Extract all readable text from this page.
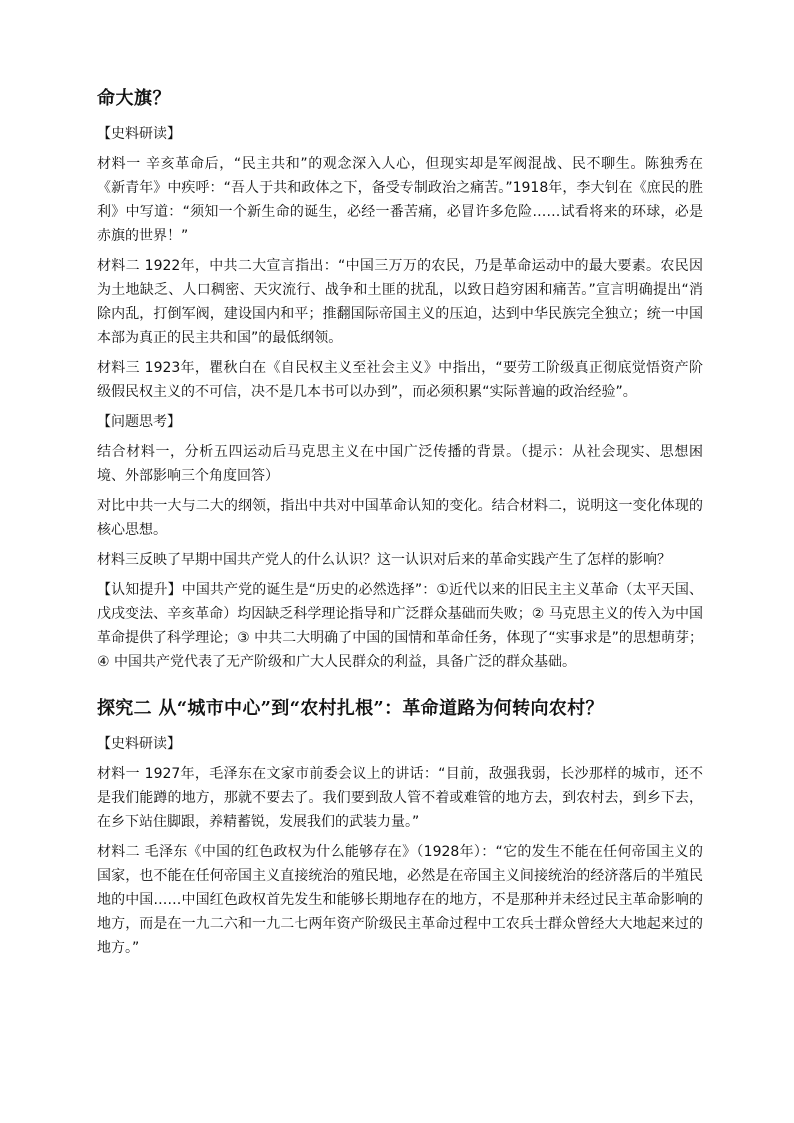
命大旗？
【史料研读】
材料一 辛亥革命后，“民主共和”的观念深入人心，但现实却是军阀混战、民不聊生。陈独秀在《新青年》中疾呼：“吾人于共和政体之下，备受专制政治之痛苦。”1918年，李大钊在《庶民的胜利》中写道：“须知一个新生命的诞生，必经一番苦痛，必冒许多危险……试看将来的环球，必是赤旗的世界！”
材料二 1922年，中共二大宣言指出：“中国三万万的农民，乃是革命运动中的最大要素。农民因为土地缺乏、人口稠密、天灾流行、战争和土匪的扰乱，以致日趋穷困和痛苦。”宣言明确提出“消除内乱，打倒军阀，建设国内和平；推翻国际帝国主义的压迫，达到中华民族完全独立；统一中国本部为真正的民主共和国”的最低纲领。
材料三 1923年，瞿秋白在《自民权主义至社会主义》中指出，“要劳工阶级真正彻底觉悟资产阶级假民权主义的不可信，决不是几本书可以办到”，而必须积累“实际普遍的政治经验”。
【问题思考】
结合材料一，分析五四运动后马克思主义在中国广泛传播的背景。（提示：从社会现实、思想困境、外部影响三个角度回答）
对比中共一大与二大的纲领，指出中共对中国革命认知的变化。结合材料二，说明这一变化体现的核心思想。
材料三反映了早期中国共产党人的什么认识？这一认识对后来的革命实践产生了怎样的影响？
【认知提升】中国共产党的诞生是“历史的必然选择”：①近代以来的旧民主主义革命（太平天国、戊戌变法、辛亥革命）均因缺乏科学理论指导和广泛群众基础而失败；② 马克思主义的传入为中国革命提供了科学理论；③ 中共二大明确了中国的国情和革命任务，体现了“实事求是”的思想萌芽；④ 中国共产党代表了无产阶级和广大人民群众的利益，具备广泛的群众基础。
探究二 从“城市中心”到“农村扎根”：革命道路为何转向农村？
【史料研读】
材料一 1927年，毛泽东在文家市前委会议上的讲话：“目前，敌强我弱，长沙那样的城市，还不是我们能蹲的地方，那就不要去了。我们要到敌人管不着或难管的地方去，到农村去，到乡下去，在乡下站住脚跟，养精蓄锐，发展我们的武装力量。”
材料二 毛泽东《中国的红色政权为什么能够存在》（1928年）：“它的发生不能在任何帝国主义的国家，也不能在任何帝国主义直接统治的殖民地，必然是在帝国主义间接统治的经济落后的半殖民地的中国……中国红色政权首先发生和能够长期地存在的地方，不是那种并未经过民主革命影响的地方，而是在一九二六和一九二七两年资产阶级民主革命过程中工农兵士群众曾经大大地起来过的地方。”
